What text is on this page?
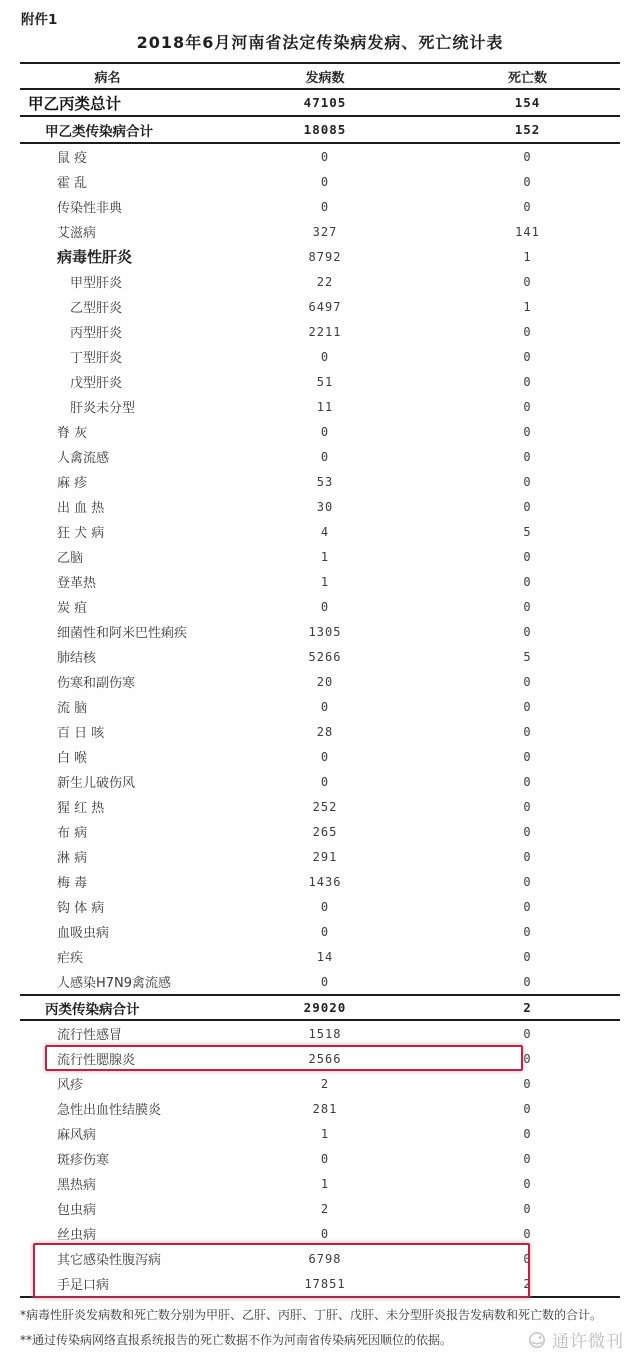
附件1
2018年6月河南省法定传染病发病、死亡统计表
病名	发病数	死亡数
甲乙丙类总计	47105	154
甲乙类传染病合计	18085	152
鼠 疫	0	0
霍 乱	0	0
传染性非典	0	0
艾滋病	327	141
病毒性肝炎	8792	1
甲型肝炎	22	0
乙型肝炎	6497	1
丙型肝炎	2211	0
丁型肝炎	0	0
戊型肝炎	51	0
肝炎未分型	11	0
脊 灰	0	0
人禽流感	0	0
麻 疹	53	0
出 血 热	30	0
狂 犬 病	4	5
乙脑	1	0
登革热	1	0
炭 疽	0	0
细菌性和阿米巴性痢疾	1305	0
肺结核	5266	5
伤寒和副伤寒	20	0
流 脑	0	0
百 日 咳	28	0
白 喉	0	0
新生儿破伤风	0	0
猩 红 热	252	0
布 病	265	0
淋 病	291	0
梅 毒	1436	0
钩 体 病	0	0
血吸虫病	0	0
疟疾	14	0
人感染H7N9禽流感	0	0
丙类传染病合计	29020	2
流行性感冒	1518	0
流行性腮腺炎	2566	0
风疹	2	0
急性出血性结膜炎	281	0
麻风病	1	0
斑疹伤寒	0	0
黑热病	1	0
包虫病	2	0
丝虫病	0	0
其它感染性腹泻病	6798	0
手足口病	17851	2

*病毒性肝炎发病数和死亡数分别为甲肝、乙肝、丙肝、丁肝、戊肝、未分型肝炎报告发病数和死亡数的合计。

**通过传染病网络直报系统报告的死亡数据不作为河南省传染病死因顺位的依据。	通许微刊
